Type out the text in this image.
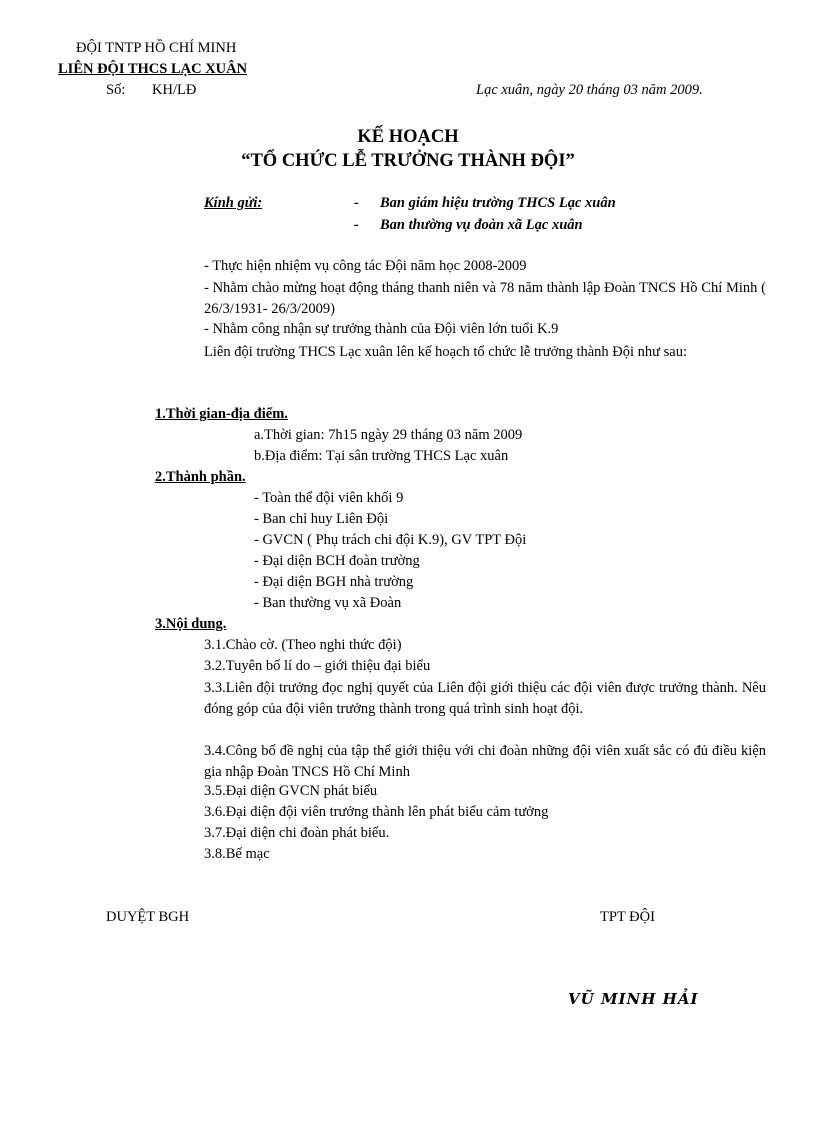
ĐỘI TNTP HỒ CHÍ MINH
LIÊN ĐỘI THCS LẠC XUÂN
Số: KH/LĐ	Lạc xuân, ngày 20 tháng 03 năm 2009.
KẾ HOẠCH
“TỔ CHỨC LỄ TRƯỞNG THÀNH ĐỘI”
Kính gửi:	- Ban giám hiệu trường THCS Lạc xuân
- Ban thường vụ đoàn xã Lạc xuân
- Thực hiện nhiệm vụ công tác Đội năm học 2008-2009
- Nhằm chào mừng hoạt động tháng thanh niên và 78 năm thành lập Đoàn TNCS Hồ Chí Minh ( 26/3/1931- 26/3/2009)
- Nhằm công nhận sự trưởng thành của Đội viên lớn tuổi K.9
Liên đội trường THCS Lạc xuân lên kế hoạch tổ chức lễ trưởng thành Đội như sau:
1.Thời gian-địa điểm.
a.Thời gian: 7h15 ngày 29 tháng 03 năm 2009
b.Địa điểm: Tại sân trường THCS Lạc xuân
2.Thành phần.
- Toàn thể đội viên khối 9
- Ban chỉ huy Liên Đội
- GVCN ( Phụ trách chi đội K.9), GV TPT Đội
- Đại diện BCH đoàn trường
- Đại diện BGH nhà trường
- Ban thường vụ xã Đoàn
3.Nội dung.
3.1.Chào cờ. (Theo nghi thức đội)
3.2.Tuyên bố lí do – giới thiệu đại biểu
3.3.Liên đội trưởng đọc nghị quyết của Liên đội giới thiệu các đội viên được trưởng thành. Nêu đóng góp của đội viên trưởng thành trong quá trình sinh hoạt đội.
3.4.Công bố đề nghị của tập thể giới thiệu với chi đoàn những đội viên xuất sắc có đủ điều kiện gia nhập Đoàn TNCS Hồ Chí Minh
3.5.Đại diện GVCN phát biểu
3.6.Đại diện đội viên trưởng thành lên phát biểu cảm tưởng
3.7.Đại diện chi đoàn phát biểu.
3.8.Bế mạc
DUYỆT BGH	TPT ĐỘI
VŨ MINH HẢI
